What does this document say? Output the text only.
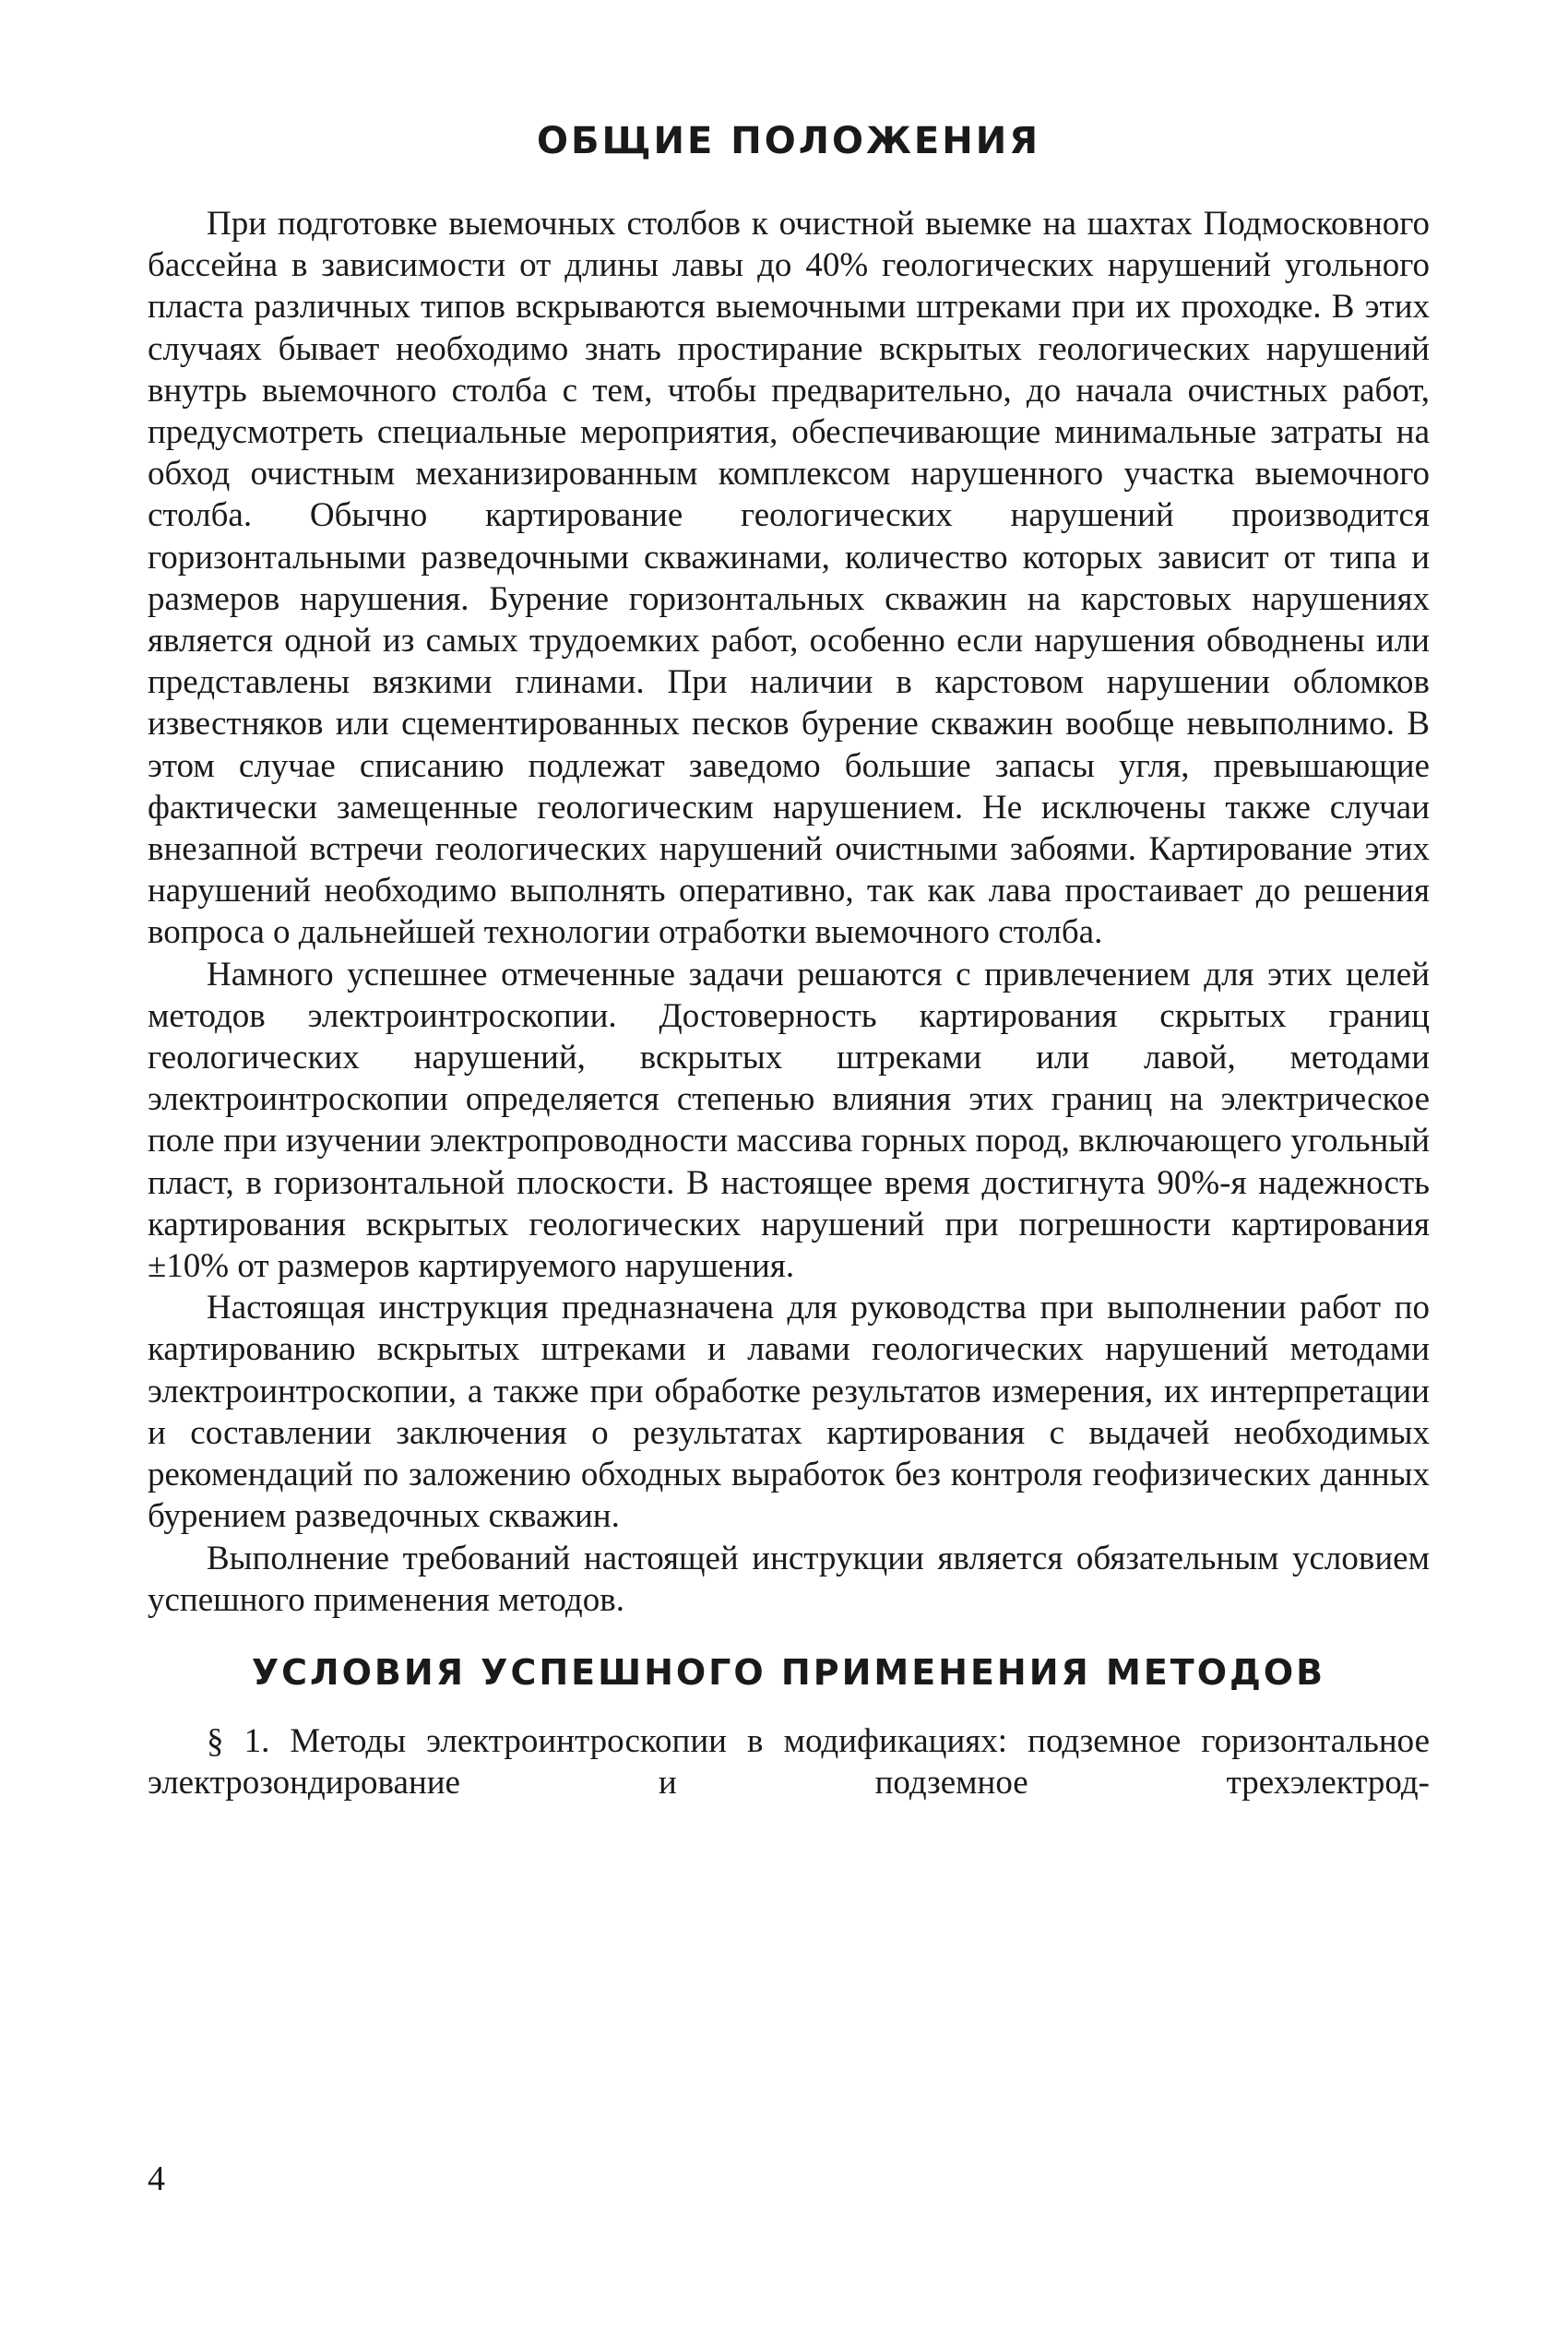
ОБЩИЕ ПОЛОЖЕНИЯ

При подготовке выемочных столбов к очистной выемке на шахтах Подмосковного бассейна в зависимости от длины лавы до 40% геологических нарушений угольного пласта различных типов вскрываются выемочными штреками при их проходке. В этих случаях бывает необходимо знать простирание вскрытых геологических нарушений внутрь выемочного столба с тем, чтобы предварительно, до начала очистных работ, предусмотреть специальные мероприятия, обеспечивающие минимальные затраты на обход очистным механизированным комплексом нарушенного участка выемочного столба. Обычно картирование геологических нарушений производится горизонтальными разведочными скважинами, количество которых зависит от типа и размеров нарушения. Бурение горизонтальных скважин на карстовых нарушениях является одной из самых трудоемких работ, особенно если нарушения обводнены или представлены вязкими глинами. При наличии в карстовом нарушении обломков известняков или сцементированных песков бурение скважин вообще невыполнимо. В этом случае списанию подлежат заведомо большие запасы угля, превышающие фактически замещенные геологическим нарушением. Не исключены также случаи внезапной встречи геологических нарушений очистными забоями. Картирование этих нарушений необходимо выполнять оперативно, так как лава простаивает до решения вопроса о дальнейшей технологии отработки выемочного столба.

Намного успешнее отмеченные задачи решаются с привлечением для этих целей методов электроинтроскопии. Достоверность картирования скрытых границ геологических нарушений, вскрытых штреками или лавой, методами электроинтроскопии определяется степенью влияния этих границ на электрическое поле при изучении электропроводности массива горных пород, включающего угольный пласт, в горизонтальной плоскости. В настоящее время достигнута 90%-я надежность картирования вскрытых геологических нарушений при погрешности картирования ±10% от размеров картируемого нарушения.

Настоящая инструкция предназначена для руководства при выполнении работ по картированию вскрытых штреками и лавами геологических нарушений методами электроинтроскопии, а также при обработке результатов измерения, их интерпретации и составлении заключения о результатах картирования с выдачей необходимых рекомендаций по заложению обходных выработок без контроля геофизических данных бурением разведочных скважин.

Выполнение требований настоящей инструкции является обязательным условием успешного применения методов.

УСЛОВИЯ УСПЕШНОГО ПРИМЕНЕНИЯ МЕТОДОВ

§ 1. Методы электроинтроскопии в модификациях: подземное горизонтальное электрозондирование и подземное трехэлектрод-

4
